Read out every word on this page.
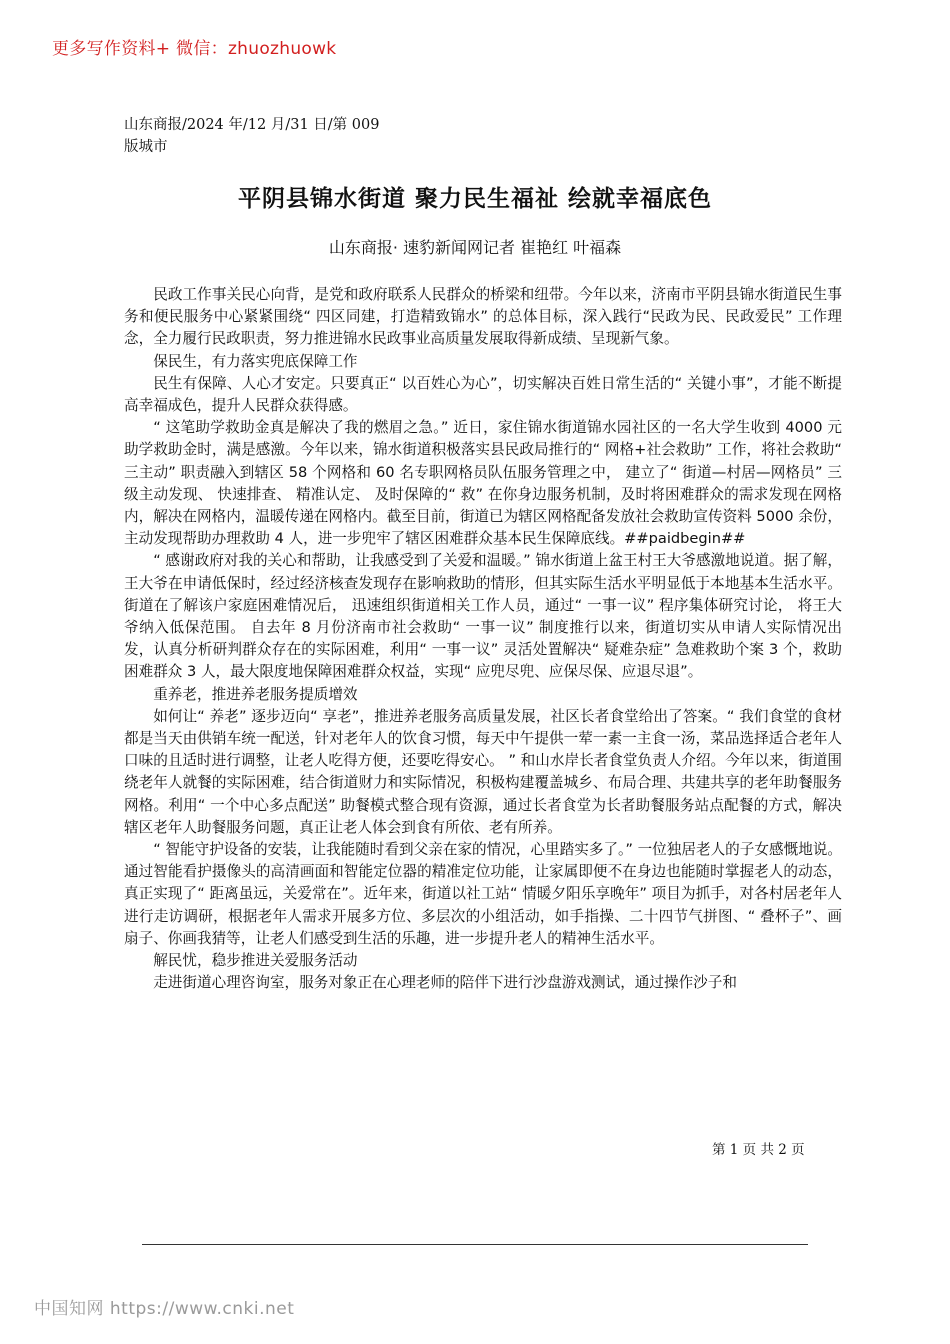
更多写作资料+ 微信：zhuozhuowk
山东商报/2024 年/12 月/31 日/第 009
版城市
平阴县锦水街道 聚力民生福祉 绘就幸福底色
山东商报· 速豹新闻网记者 崔艳红 叶福森

民政工作事关民心向背，是党和政府联系人民群众的桥梁和纽带。今年以来，济南市平阴县锦水街道民生事务和便民服务中心紧紧围绕“ 四区同建，打造精致锦水” 的总体目标，深入践行“民政为民、民政爱民” 工作理念，全力履行民政职责，努力推进锦水民政事业高质量发展取得新成绩、呈现新气象。

保民生，有力落实兜底保障工作

民生有保障、人心才安定。只要真正“ 以百姓心为心”，切实解决百姓日常生活的“ 关键小事”，才能不断提高幸福成色，提升人民群众获得感。

“ 这笔助学救助金真是解决了我的燃眉之急。” 近日，家住锦水街道锦水园社区的一名大学生收到 4000 元助学救助金时，满是感激。今年以来，锦水街道积极落实县民政局推行的“ 网格+社会救助” 工作，将社会救助“ 三主动” 职责融入到辖区 58 个网格和 60 名专职网格员队伍服务管理之中， 建立了“ 街道—村居—网格员” 三级主动发现、 快速排查、 精准认定、 及时保障的“ 救” 在你身边服务机制，及时将困难群众的需求发现在网格内，解决在网格内，温暖传递在网格内。截至目前，街道已为辖区网格配备发放社会救助宣传资料 5000 余份，主动发现帮助办理救助 4 人，进一步兜牢了辖区困难群众基本民生保障底线。##paidbegin##

“ 感谢政府对我的关心和帮助，让我感受到了关爱和温暖。” 锦水街道上盆王村王大爷感激地说道。据了解，王大爷在申请低保时，经过经济核查发现存在影响救助的情形，但其实际生活水平明显低于本地基本生活水平。 街道在了解该户家庭困难情况后， 迅速组织街道相关工作人员，通过“ 一事一议” 程序集体研究讨论， 将王大爷纳入低保范围。 自去年 8 月份济南市社会救助“ 一事一议” 制度推行以来，街道切实从申请人实际情况出发，认真分析研判群众存在的实际困难，利用“ 一事一议” 灵活处置解决“ 疑难杂症” 急难救助个案 3 个，救助困难群众 3 人，最大限度地保障困难群众权益，实现“ 应兜尽兜、应保尽保、应退尽退”。

重养老，推进养老服务提质增效

如何让“ 养老” 逐步迈向“ 享老”，推进养老服务高质量发展，社区长者食堂给出了答案。“ 我们食堂的食材都是当天由供销车统一配送，针对老年人的饮食习惯，每天中午提供一荤一素一主食一汤，菜品选择适合老年人口味的且适时进行调整，让老人吃得方便，还要吃得安心。 ” 和山水岸长者食堂负责人介绍。今年以来，街道围绕老年人就餐的实际困难，结合街道财力和实际情况，积极构建覆盖城乡、布局合理、共建共享的老年助餐服务网格。利用“ 一个中心多点配送” 助餐模式整合现有资源，通过长者食堂为长者助餐服务站点配餐的方式，解决辖区老年人助餐服务问题，真正让老人体会到食有所依、老有所养。

“ 智能守护设备的安装，让我能随时看到父亲在家的情况，心里踏实多了。” 一位独居老人的子女感慨地说。通过智能看护摄像头的高清画面和智能定位器的精准定位功能，让家属即便不在身边也能随时掌握老人的动态，真正实现了“ 距离虽远，关爱常在”。近年来，街道以社工站“ 情暖夕阳乐享晚年” 项目为抓手，对各村居老年人进行走访调研，根据老年人需求开展多方位、多层次的小组活动，如手指操、二十四节气拼图、“ 叠杯子”、画扇子、你画我猜等，让老人们感受到生活的乐趣，进一步提升老人的精神生活水平。

解民忧，稳步推进关爱服务活动

走进街道心理咨询室，服务对象正在心理老师的陪伴下进行沙盘游戏测试，通过操作沙子和

第 1 页 共 2 页
中国知网 https://www.cnki.net
